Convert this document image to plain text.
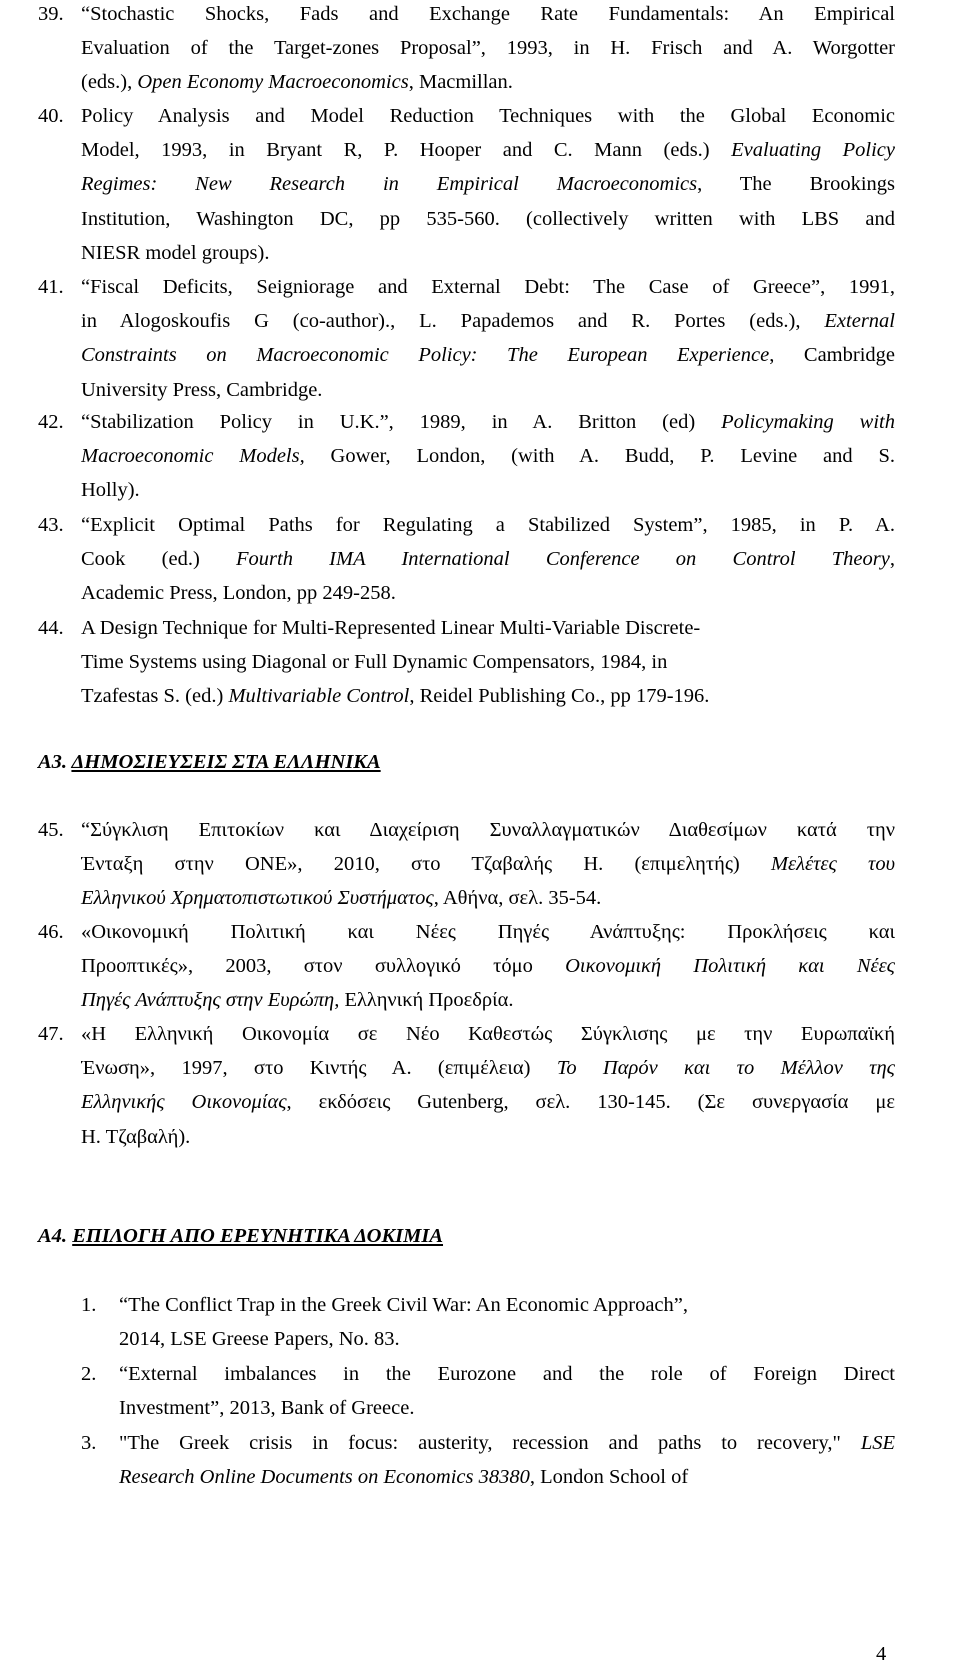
39. “Stochastic Shocks, Fads and Exchange Rate Fundamentals: An Empirical
Evaluation of the Target-zones Proposal”, 1993, in H. Frisch and A. Worgotter
(eds.), Open Economy Macroeconomics, Macmillan.
40. Policy Analysis and Model Reduction Techniques with the Global Economic
Model, 1993, in Bryant R, P. Hooper and C. Mann (eds.) Evaluating Policy
Regimes: New Research in Empirical Macroeconomics, The Brookings
Institution, Washington DC, pp 535-560. (collectively written with LBS and
NIESR model groups).
41. “Fiscal Deficits, Seigniorage and External Debt: The Case of Greece”, 1991,
in Alogoskoufis G (co-author)., L. Papademos and R. Portes (eds.), External
Constraints on Macroeconomic Policy: The European Experience, Cambridge
University Press, Cambridge.
42. “Stabilization Policy in U.K.”, 1989, in A. Britton (ed) Policymaking with
Macroeconomic Models, Gower, London, (with A. Budd, P. Levine and S.
Holly).
43. “Explicit Optimal Paths for Regulating a Stabilized System”, 1985, in P. A.
Cook (ed.) Fourth IMA International Conference on Control Theory,
Academic Press, London, pp 249-258.
44. A Design Technique for Multi-Represented Linear Multi-Variable Discrete-
Time Systems using Diagonal or Full Dynamic Compensators, 1984, in
Tzafestas S. (ed.) Multivariable Control, Reidel Publishing Co., pp 179-196.
Α3. ΔΗΜΟΣΙΕΥΣΕΙΣ ΣΤΑ ΕΛΛΗΝΙΚΑ
45. “Σύγκλιση Επιτοκίων και Διαχείριση Συναλλαγματικών Διαθεσίμων κατά την
Ένταξη στην ΟΝΕ», 2010, στο Τζαβαλής Η. (επιμελητής) Μελέτες του
Ελληνικού Χρηματοπιστωτικού Συστήματος, Αθήνα, σελ. 35-54.
46. «Οικονομική Πολιτική και Νέες Πηγές Ανάπτυξης: Προκλήσεις και
Προοπτικές», 2003, στον συλλογικό τόμο Οικονομική Πολιτική και Νέες
Πηγές Ανάπτυξης στην Ευρώπη, Ελληνική Προεδρία.
47. «Η Ελληνική Οικονομία σε Νέο Καθεστώς Σύγκλισης με την Ευρωπαϊκή
Ένωση», 1997, στο Κιντής Α. (επιμέλεια) Το Παρόν και το Μέλλον της
Ελληνικής Οικονομίας, εκδόσεις Gutenberg, σελ. 130-145. (Σε συνεργασία με
Η. Τζαβαλή).
Α4. ΕΠΙΛΟΓΗ ΑΠΟ ΕΡΕΥΝΗΤΙΚΑ ΔΟΚΙΜΙΑ
1. “The Conflict Trap in the Greek Civil War: An Economic Approach”,
2014, LSE Greese Papers, No. 83.
2. “External imbalances in the Eurozone and the role of Foreign Direct
Investment”, 2013, Bank of Greece.
3. "The Greek crisis in focus: austerity, recession and paths to recovery," LSE
Research Online Documents on Economics 38380, London School of
4
